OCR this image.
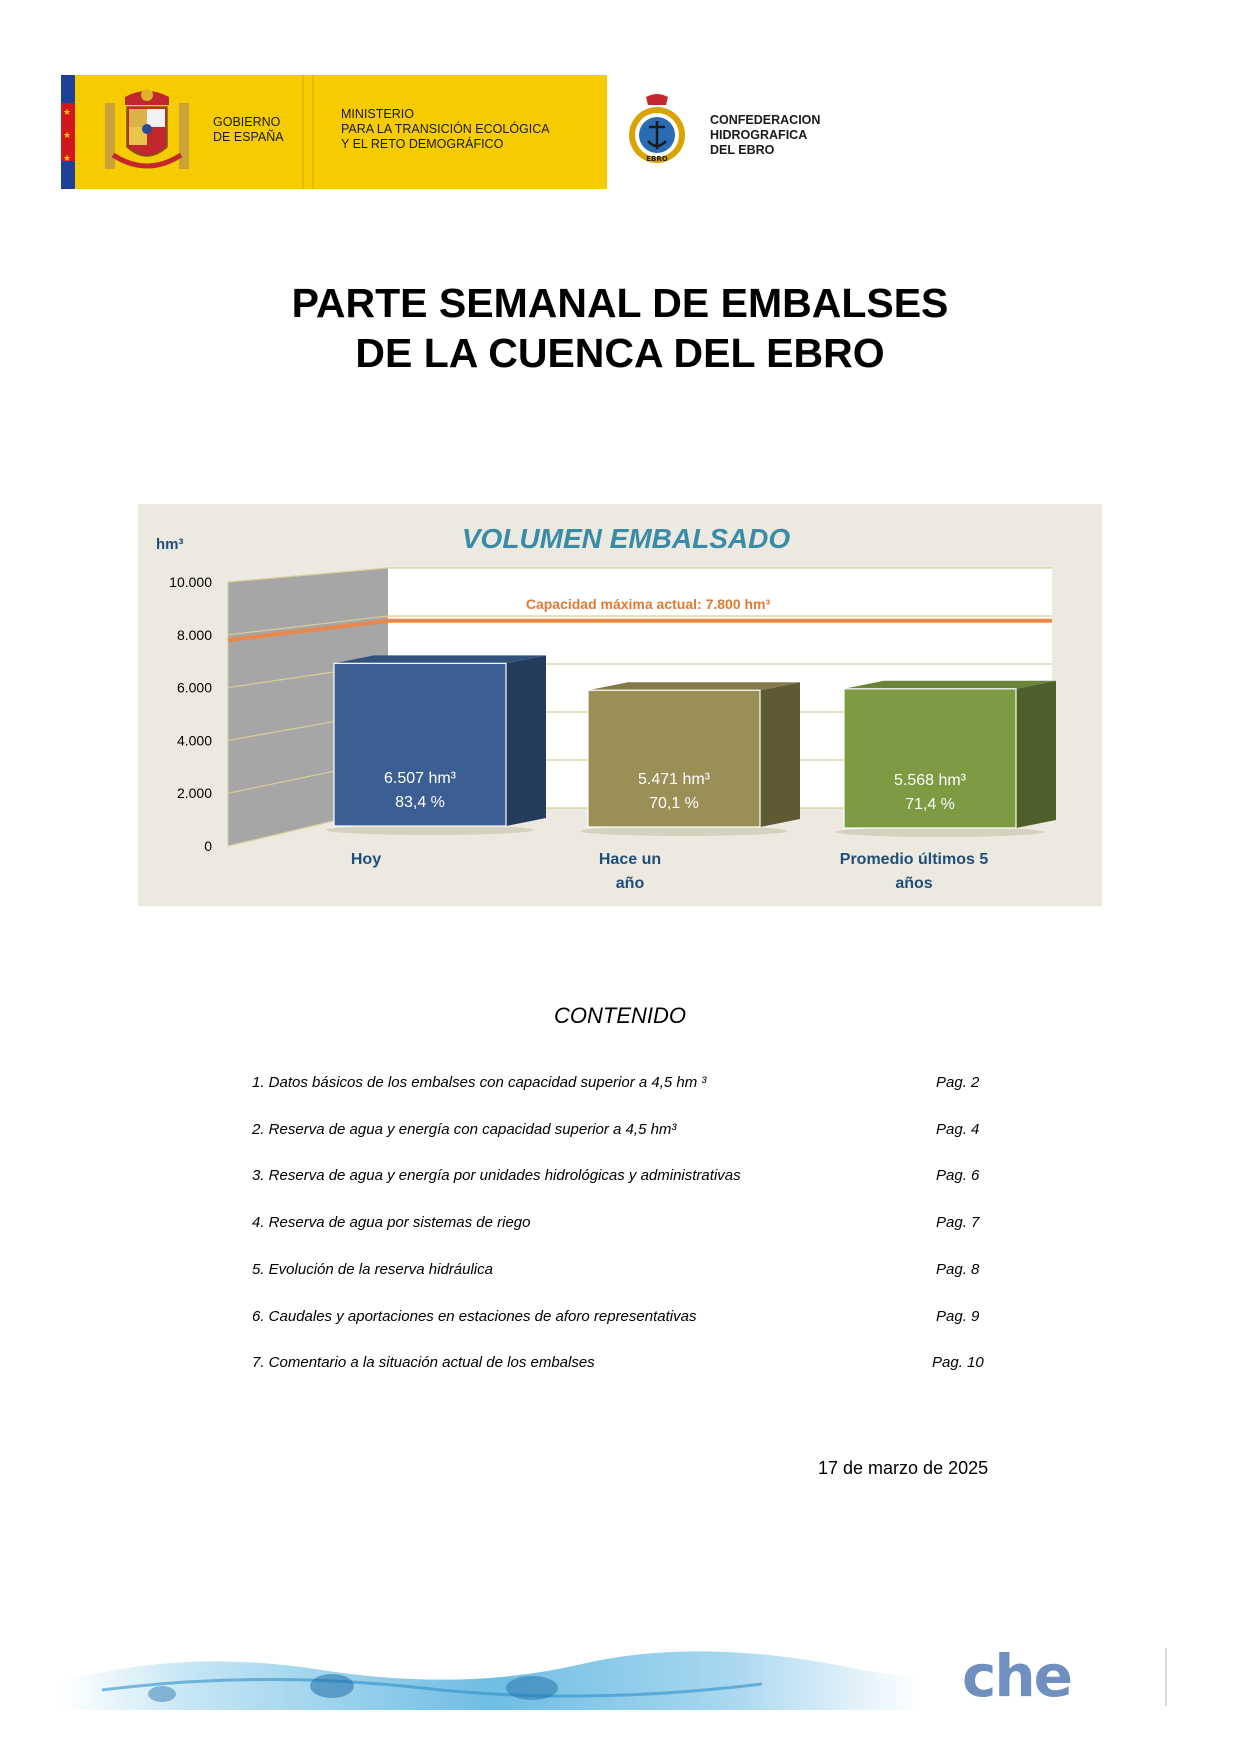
★
★
★
GOBIERNO
DE ESPAÑA
MINISTERIO
PARA LA TRANSICIÓN ECOLÓGICA
Y EL RETO DEMOGRÁFICO
EBRO
CONFEDERACION
HIDROGRAFICA
DEL EBRO
PARTE SEMANAL DE EMBALSES
DE LA CUENCA DEL EBRO
Capacidad máxima actual: 7.800 hm³
0
2.000
4.000
6.000
8.000
10.000
6.507 hm³
83,4 %
Hoy
5.471 hm³
70,1 %
Hace un
año
5.568 hm³
71,4 %
Promedio últimos 5
años
VOLUMEN EMBALSADO
hm³
CONTENIDO
1. Datos básicos de los embalses con capacidad superior a 4,5 hm ³	Pag. 2
2. Reserva de agua y energía con capacidad superior a 4,5 hm³	Pag. 4
3. Reserva de agua y energía por unidades hidrológicas y administrativas	Pag. 6
4. Reserva de agua por sistemas de riego	Pag. 7
5. Evolución de la reserva hidráulica	Pag. 8
6. Caudales y aportaciones en estaciones de aforo representativas	Pag. 9
7. Comentario a la situación actual de los embalses	Pag. 10
17 de marzo de 2025
che
